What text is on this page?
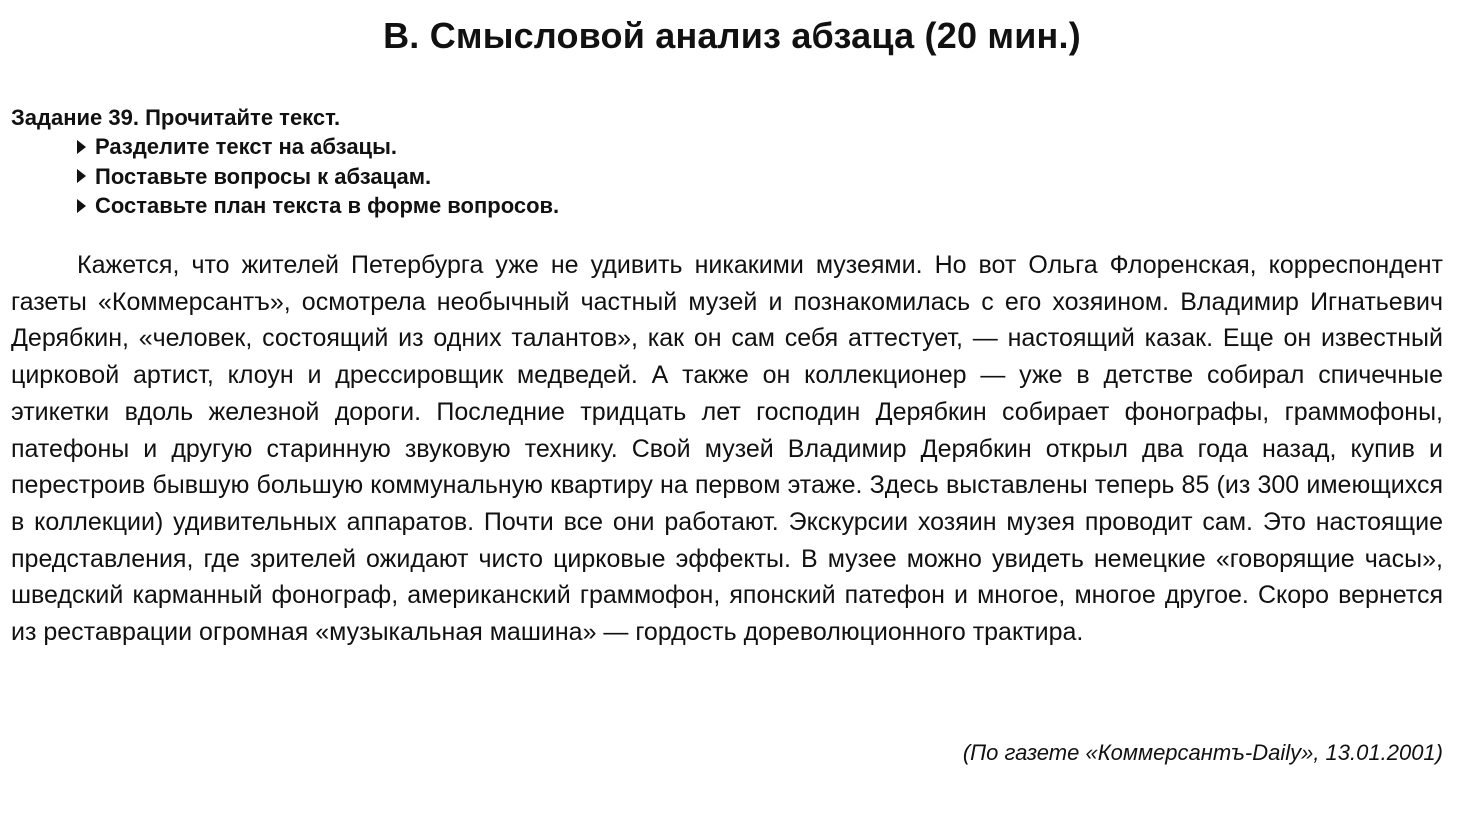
В. Смысловой анализ абзаца (20 мин.)

Задание 39. Прочитайте текст.

Разделите текст на абзацы.
Поставьте вопросы к абзацам.
Составьте план текста в форме вопросов.

Кажется, что жителей Петербурга уже не удивить никакими музеями. Но вот Ольга Флоренская, корреспондент газеты «Коммерсантъ», осмотрела необычный частный музей и познакомилась с его хозяином. Владимир Игнатьевич Дерябкин, «человек, состоящий из одних талантов», как он сам себя аттестует, — настоящий казак. Еще он известный цирковой артист, клоун и дрессировщик медведей. А также он коллекционер — уже в детстве собирал спичечные этикетки вдоль железной дороги. Последние тридцать лет господин Дерябкин собирает фонографы, граммофоны, патефоны и другую старинную звуковую технику. Свой музей Владимир Дерябкин открыл два года назад, купив и перестроив бывшую большую коммунальную квартиру на первом этаже. Здесь выставлены теперь 85 (из 300 имеющихся в коллекции) удивительных аппаратов. Почти все они работают. Экскурсии хозяин музея проводит сам. Это настоящие представления, где зрителей ожидают чисто цирковые эффекты. В музее можно увидеть немецкие «говорящие часы», шведский карманный фонограф, американский граммофон, японский патефон и многое, многое другое. Скоро вернется из реставрации огромная «музыкальная машина» — гордость дореволюционного трактира.

(По газете «Коммерсантъ-Daily», 13.01.2001)
